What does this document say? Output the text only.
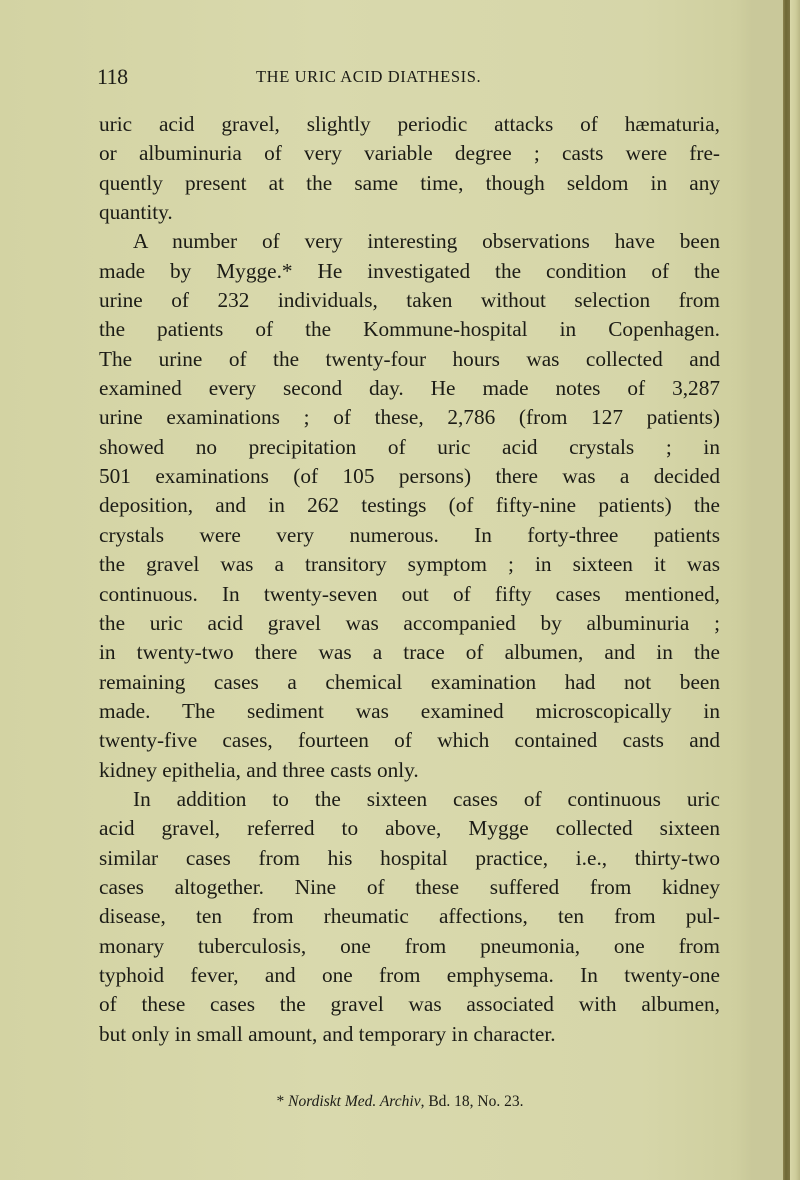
118	THE URIC ACID DIATHESIS.
uric acid gravel, slightly periodic attacks of hæmaturia,
or albuminuria of very variable degree ; casts were fre-
quently present at the same time, though seldom in any
quantity.
A number of very interesting observations have been
made by Mygge.* He investigated the condition of the
urine of 232 individuals, taken without selection from
the patients of the Kommune-hospital in Copenhagen.
The urine of the twenty-four hours was collected and
examined every second day. He made notes of 3,287
urine examinations ; of these, 2,786 (from 127 patients)
showed no precipitation of uric acid crystals ; in
501 examinations (of 105 persons) there was a decided
deposition, and in 262 testings (of fifty-nine patients) the
crystals were very numerous. In forty-three patients
the gravel was a transitory symptom ; in sixteen it was
continuous. In twenty-seven out of fifty cases mentioned,
the uric acid gravel was accompanied by albuminuria ;
in twenty-two there was a trace of albumen, and in the
remaining cases a chemical examination had not been
made. The sediment was examined microscopically in
twenty-five cases, fourteen of which contained casts and
kidney epithelia, and three casts only.
In addition to the sixteen cases of continuous uric
acid gravel, referred to above, Mygge collected sixteen
similar cases from his hospital practice, i.e., thirty-two
cases altogether. Nine of these suffered from kidney
disease, ten from rheumatic affections, ten from pul-
monary tuberculosis, one from pneumonia, one from
typhoid fever, and one from emphysema. In twenty-one
of these cases the gravel was associated with albumen,
but only in small amount, and temporary in character.
* Nordiskt Med. Archiv, Bd. 18, No. 23.
